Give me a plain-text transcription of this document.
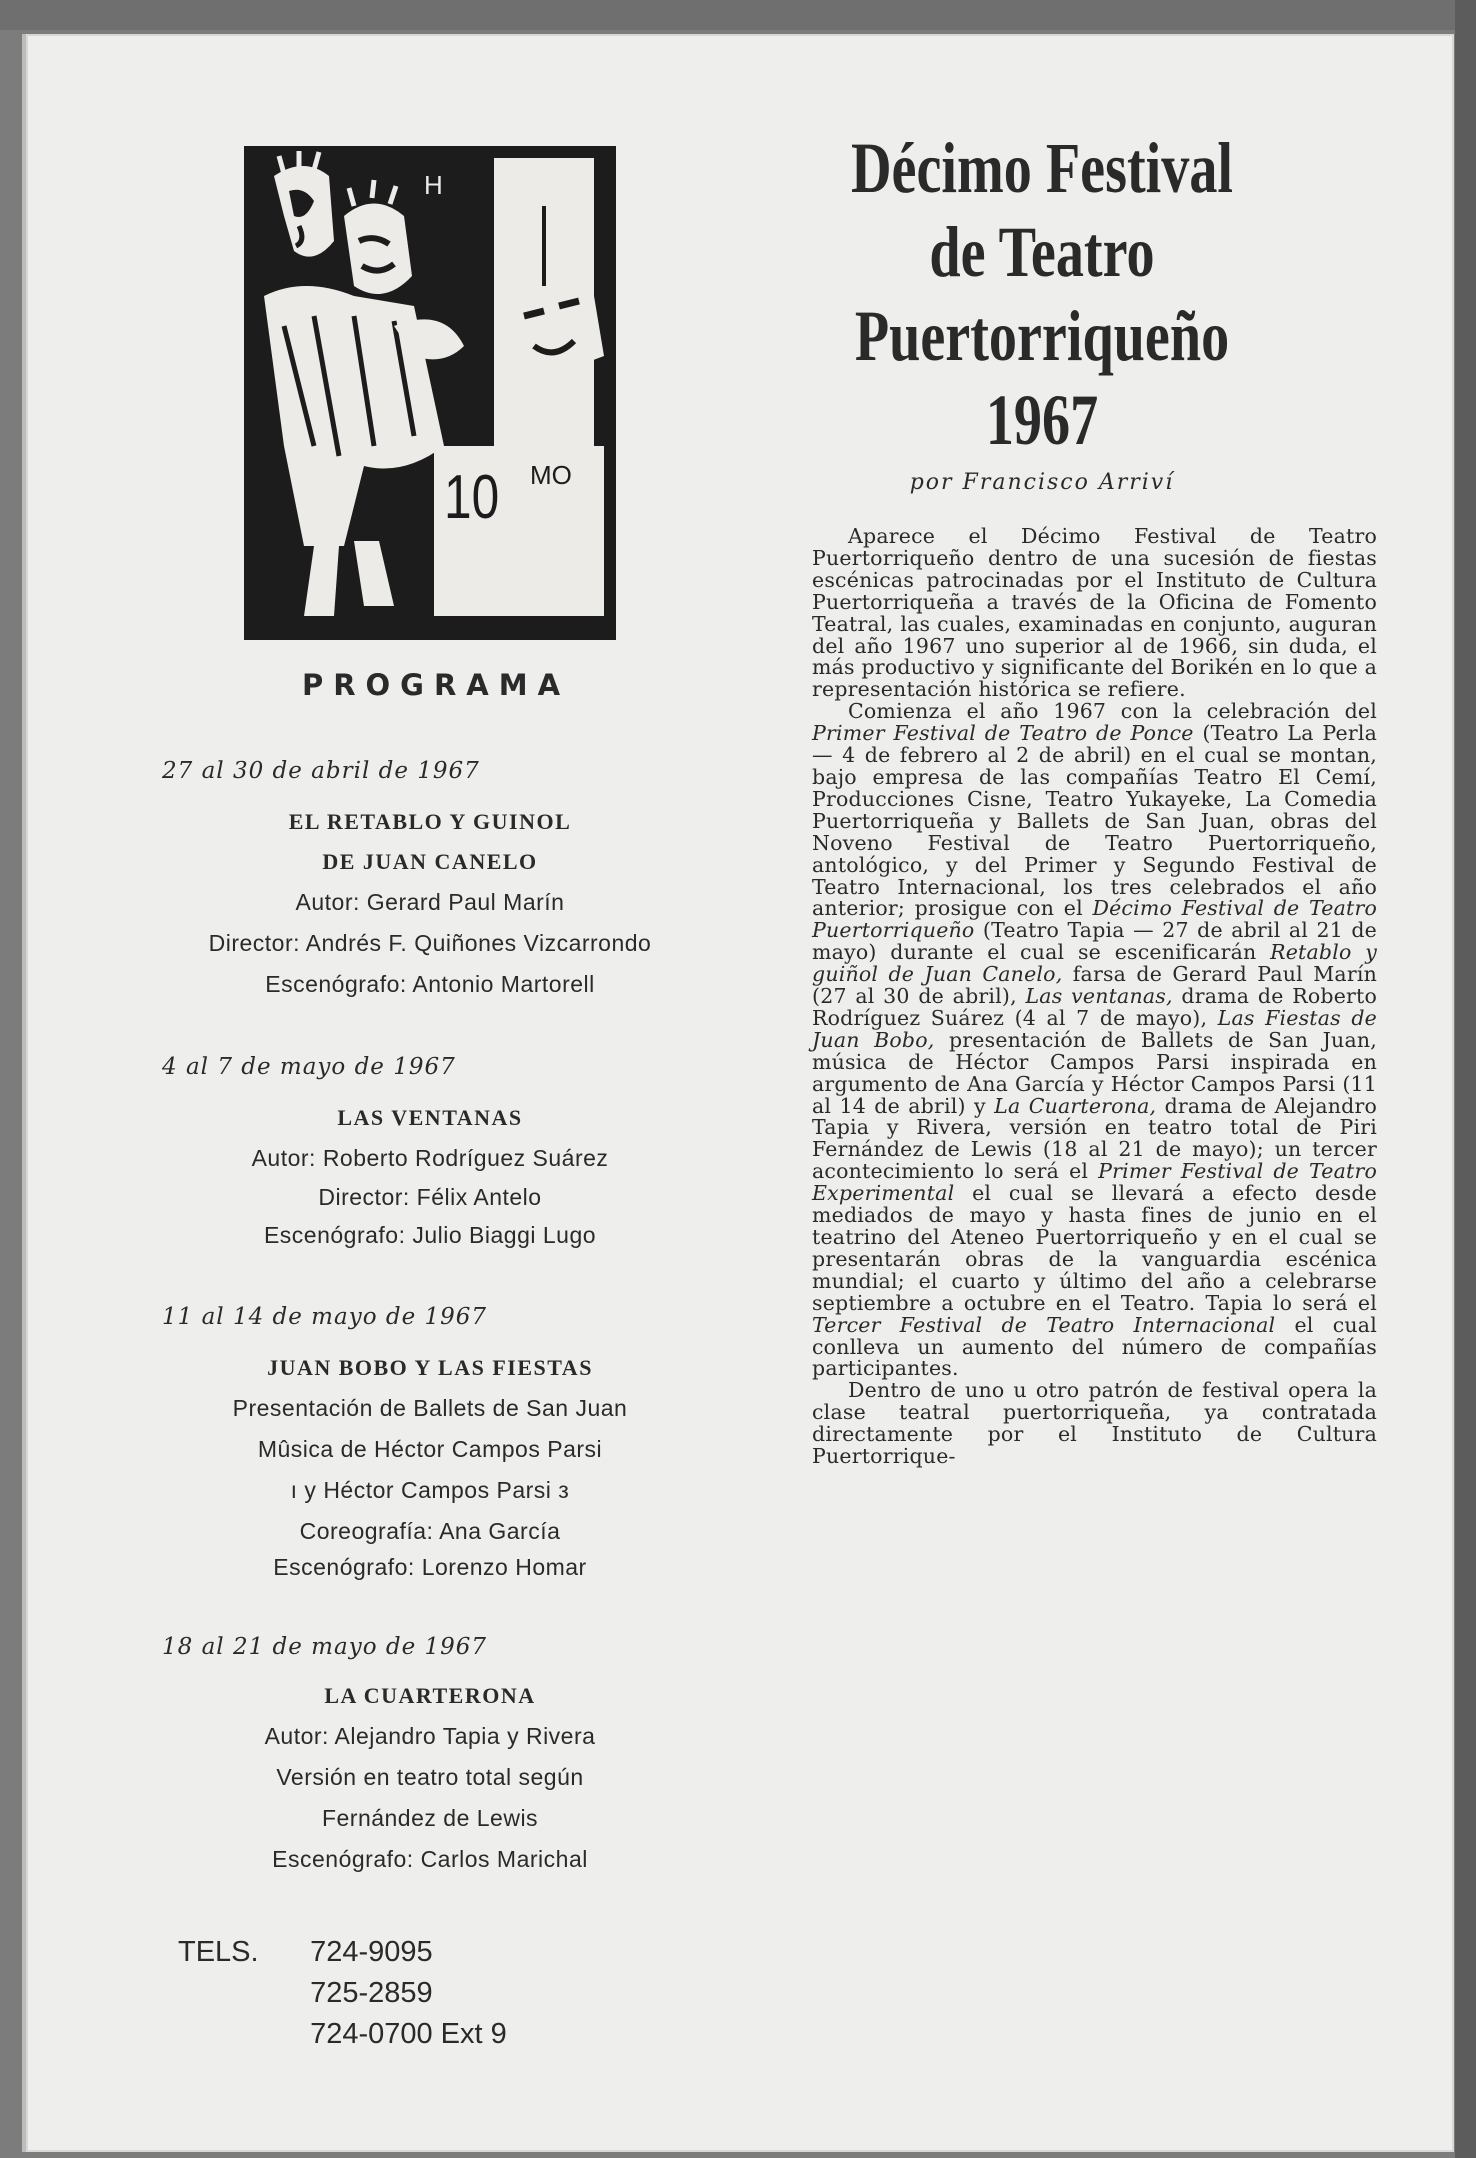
H
10 MO
PROGRAMA
27 al 30 de abril de 1967
EL RETABLO Y GUINOL
DE JUAN CANELO
Autor: Gerard Paul Marín
Director: Andrés F. Quiñones Vizcarrondo
Escenógrafo: Antonio Martorell
4 al 7 de mayo de 1967
LAS VENTANAS
Autor: Roberto Rodríguez Suárez
Director: Félix Antelo
Escenógrafo: Julio Biaggi Lugo
11 al 14 de mayo de 1967
JUAN BOBO Y LAS FIESTAS
Presentación de Ballets de San Juan
Mûsica de Héctor Campos Parsi
ı y Héctor Campos Parsi з
Coreografía: Ana García
Escenógrafo: Lorenzo Homar
18 al 21 de mayo de 1967
LA CUARTERONA
Autor: Alejandro Tapia y Rivera
Versión en teatro total según
Fernández de Lewis
Escenógrafo: Carlos Marichal
TELS. 724-9095
725-2859
724-0700 Ext 9
Décimo Festival
de Teatro
Puertorriqueño
1967
por Francisco Arriví

Aparece el Décimo Festival de Teatro Puertorriqueño dentro de una sucesión de fiestas escénicas patrocinadas por el Instituto de Cultura Puertorriqueña a través de la Oficina de Fomento Teatral, las cuales, examinadas en conjunto, auguran del año 1967 uno superior al de 1966, sin duda, el más productivo y significante del Borikén en lo que a representación histórica se refiere.

Comienza el año 1967 con la celebración del Primer Festival de Teatro de Ponce (Teatro La Perla — 4 de febrero al 2 de abril) en el cual se montan, bajo empresa de las compañías Teatro El Cemí, Producciones Cisne, Teatro Yukayeke, La Comedia Puertorriqueña y Ballets de San Juan, obras del Noveno Festival de Teatro Puertorriqueño, antológico, y del Primer y Segundo Festival de Teatro Internacional, los tres celebrados el año anterior; prosigue con el Décimo Festival de Teatro Puertorriqueño (Teatro Tapia — 27 de abril al 21 de mayo) durante el cual se escenificarán Retablo y guiñol de Juan Canelo, farsa de Gerard Paul Marín (27 al 30 de abril), Las ventanas, drama de Roberto Rodríguez Suárez (4 al 7 de mayo), Las Fiestas de Juan Bobo, presentación de Ballets de San Juan, música de Héctor Campos Parsi inspirada en argumento de Ana García y Héctor Campos Parsi (11 al 14 de abril) y La Cuarterona, drama de Alejandro Tapia y Rivera, versión en teatro total de Piri Fernández de Lewis (18 al 21 de mayo); un tercer acontecimiento lo será el Primer Festival de Teatro Experimental el cual se llevará a efecto desde mediados de mayo y hasta fines de junio en el teatrino del Ateneo Puertorriqueño y en el cual se presentarán obras de la vanguardia escénica mundial; el cuarto y último del año a celebrarse septiembre a octubre en el Teatro. Tapia lo será el Tercer Festival de Teatro Internacional el cual conlleva un aumento del número de compañías participantes.

Dentro de uno u otro patrón de festival opera la clase teatral puertorriqueña, ya contratada directamente por el Instituto de Cultura Puertorrique-
